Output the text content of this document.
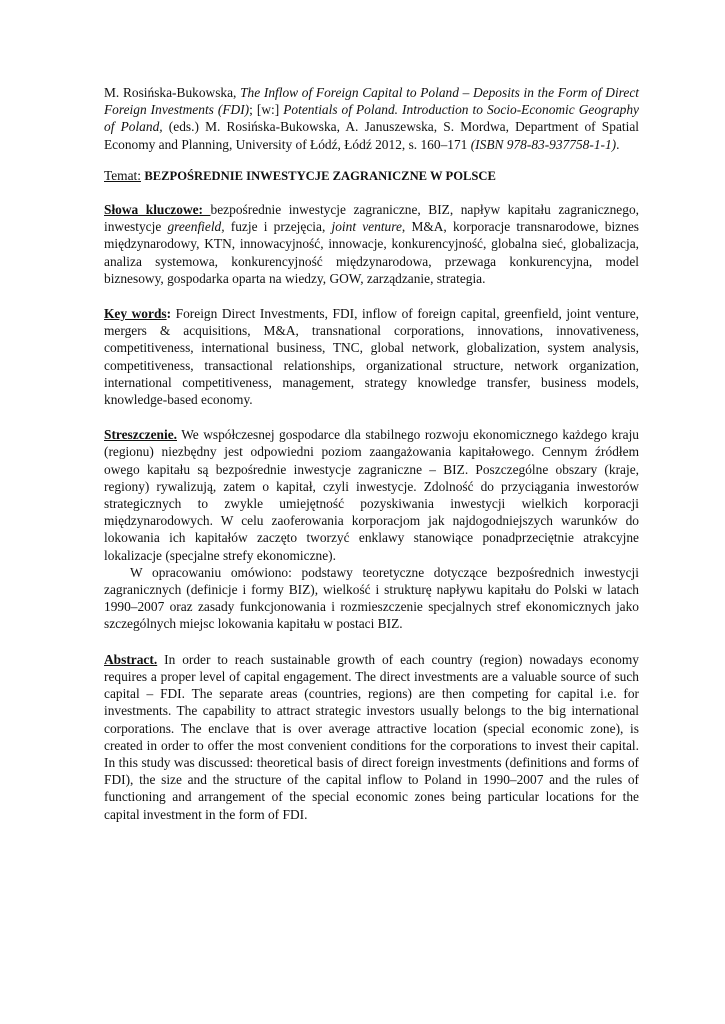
M. Rosińska-Bukowska, The Inflow of Foreign Capital to Poland – Deposits in the Form of Direct Foreign Investments (FDI); [w:] Potentials of Poland. Introduction to Socio-Economic Geography of Poland, (eds.) M. Rosińska-Bukowska, A. Januszewska, S. Mordwa, Department of Spatial Economy and Planning, University of Łódź, Łódź 2012, s. 160–171 (ISBN 978-83-937758-1-1).

Temat: BEZPOŚREDNIE INWESTYCJE ZAGRANICZNE W POLSCE

Słowa kluczowe: bezpośrednie inwestycje zagraniczne, BIZ, napływ kapitału zagranicznego, inwestycje greenfield, fuzje i przejęcia, joint venture, M&A, korporacje transnarodowe, biznes międzynarodowy, KTN, innowacyjność, innowacje, konkurencyjność, globalna sieć, globalizacja, analiza systemowa, konkurencyjność międzynarodowa, przewaga konkurencyjna, model biznesowy, gospodarka oparta na wiedzy, GOW, zarządzanie, strategia.

Key words: Foreign Direct Investments, FDI, inflow of foreign capital, greenfield, joint venture, mergers & acquisitions, M&A, transnational corporations, innovations, innovativeness, competitiveness, international business, TNC, global network, globalization, system analysis, competitiveness, transactional relationships, organizational structure, network organization, international competitiveness, management, strategy knowledge transfer, business models, knowledge-based economy.

Streszczenie. We współczesnej gospodarce dla stabilnego rozwoju ekonomicznego każdego kraju (regionu) niezbędny jest odpowiedni poziom zaangażowania kapitałowego. Cennym źródłem owego kapitału są bezpośrednie inwestycje zagraniczne – BIZ. Poszczególne obszary (kraje, regiony) rywalizują, zatem o kapitał, czyli inwestycje. Zdolność do przyciągania inwestorów strategicznych to zwykle umiejętność pozyskiwania inwestycji wielkich korporacji międzynarodowych. W celu zaoferowania korporacjom jak najdogodniejszych warunków do lokowania ich kapitałów zaczęto tworzyć enklawy stanowiące ponadprzeciętnie atrakcyjne lokalizacje (specjalne strefy ekonomiczne).

W opracowaniu omówiono: podstawy teoretyczne dotyczące bezpośrednich inwestycji zagranicznych (definicje i formy BIZ), wielkość i strukturę napływu kapitału do Polski w latach 1990–2007 oraz zasady funkcjonowania i rozmieszczenie specjalnych stref ekonomicznych jako szczególnych miejsc lokowania kapitału w postaci BIZ.

Abstract. In order to reach sustainable growth of each country (region) nowadays economy requires a proper level of capital engagement. The direct investments are a valuable source of such capital – FDI. The separate areas (countries, regions) are then competing for capital i.e. for investments. The capability to attract strategic investors usually belongs to the big international corporations. The enclave that is over average attractive location (special economic zone), is created in order to offer the most convenient conditions for the corporations to invest their capital. In this study was discussed: theoretical basis of direct foreign investments (definitions and forms of FDI), the size and the structure of the capital inflow to Poland in 1990–2007 and the rules of functioning and arrangement of the special economic zones being particular locations for the capital investment in the form of FDI.
